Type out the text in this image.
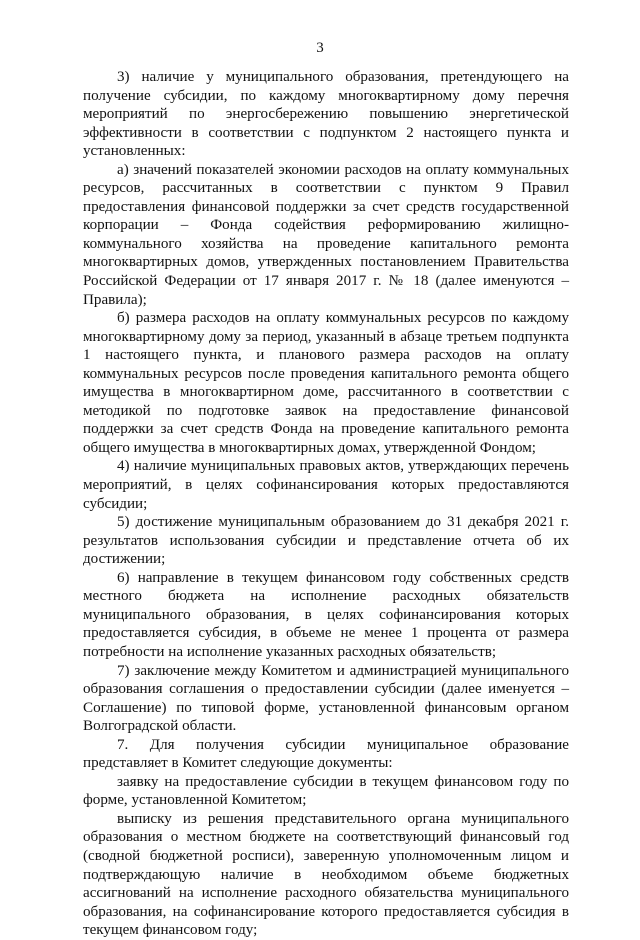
3

3) наличие у муниципального образования, претендующего на получение субсидии, по каждому многоквартирному дому перечня мероприятий по энергосбережению повышению энергетической эффективности в соответствии с подпунктом 2 настоящего пункта и установленных:

а) значений показателей экономии расходов на оплату коммунальных ресурсов, рассчитанных в соответствии с пунктом 9 Правил предоставления финансовой поддержки за счет средств государственной корпорации – Фонда содействия реформированию жилищно-коммунального хозяйства на проведение капитального ремонта многоквартирных домов, утвержденных постановлением Правительства Российской Федерации от 17 января 2017 г. № 18 (далее именуются – Правила);

б) размера расходов на оплату коммунальных ресурсов по каждому многоквартирному дому за период, указанный в абзаце третьем подпункта 1 настоящего пункта, и планового размера расходов на оплату коммунальных ресурсов после проведения капитального ремонта общего имущества в многоквартирном доме, рассчитанного в соответствии с методикой по подготовке заявок на предоставление финансовой поддержки за счет средств Фонда на проведение капитального ремонта общего имущества в многоквартирных домах, утвержденной Фондом;

4) наличие муниципальных правовых актов, утверждающих перечень мероприятий, в целях софинансирования которых предоставляются субсидии;

5) достижение муниципальным образованием до 31 декабря 2021 г. результатов использования субсидии и представление отчета об их достижении;

6) направление в текущем финансовом году собственных средств местного бюджета на исполнение расходных обязательств муниципального образования, в целях софинансирования которых предоставляется субсидия, в объеме не менее 1 процента от размера потребности на исполнение указанных расходных обязательств;

7) заключение между Комитетом и администрацией муниципального образования соглашения о предоставлении субсидии (далее именуется – Соглашение) по типовой форме, установленной финансовым органом Волгоградской области.

7. Для получения субсидии муниципальное образование представляет в Комитет следующие документы:

заявку на предоставление субсидии в текущем финансовом году по форме, установленной Комитетом;

выписку из решения представительного органа муниципального образования о местном бюджете на соответствующий финансовый год (сводной бюджетной росписи), заверенную уполномоченным лицом и подтверждающую наличие в необходимом объеме бюджетных ассигнований на исполнение расходного обязательства муниципального образования, на софинансирование которого предоставляется субсидия в текущем финансовом году;
